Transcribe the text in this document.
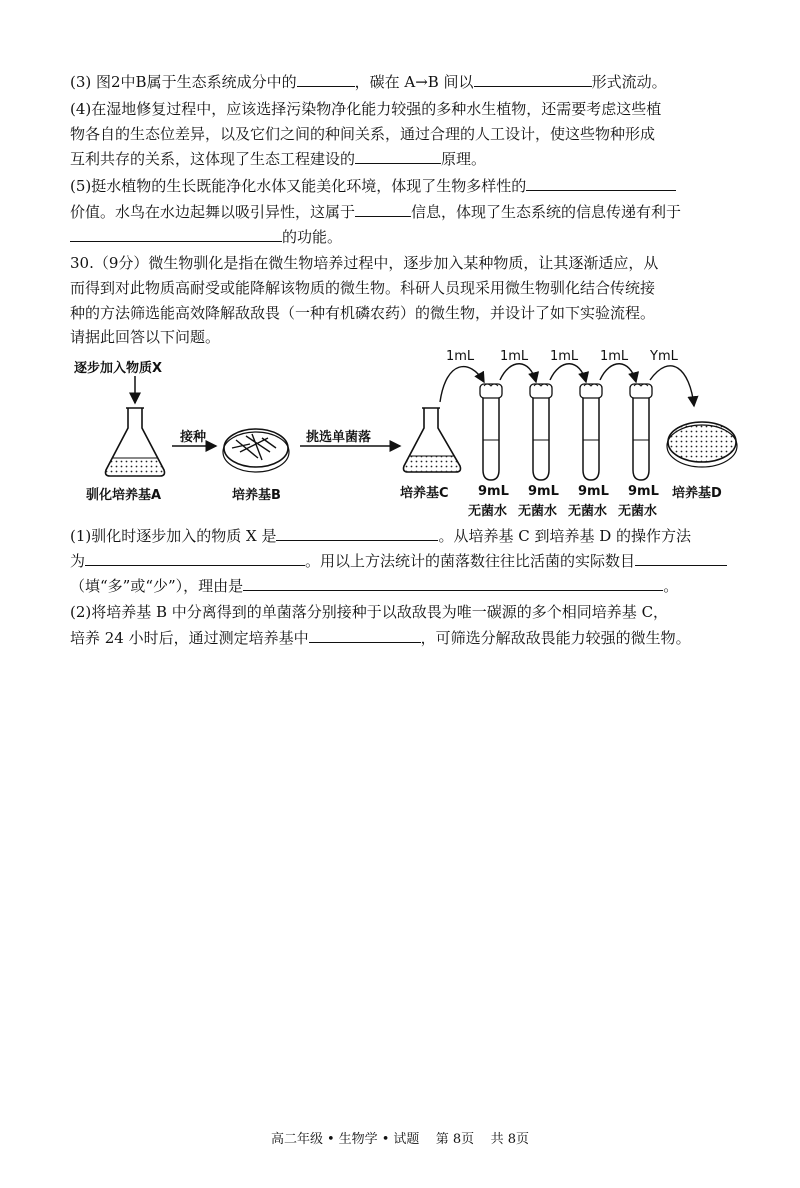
(3) 图2中B属于生态系统成分中的	，碳在 A→B 间以	形式流动。
(4)在湿地修复过程中，应该选择污染物净化能力较强的多种水生植物，还需要考虑这些植
物各自的生态位差异，以及它们之间的种间关系，通过合理的人工设计，使这些物种形成
互利共存的关系，这体现了生态工程建设的	原理。
(5)挺水植物的生长既能净化水体又能美化环境，体现了生物多样性的
价值。水鸟在水边起舞以吸引异性，这属于	信息，体现了生态系统的信息传递有利于
的功能。
30.（9分）微生物驯化是指在微生物培养过程中，逐步加入某种物质，让其逐渐适应，从
而得到对此物质高耐受或能降解该物质的微生物。科研人员现采用微生物驯化结合传统接
种的方法筛选能高效降解敌敌畏（一种有机磷农药）的微生物，并设计了如下实验流程。
请据此回答以下问题。
逐步加入物质X
接种	挑选单菌落
驯化培养基A	培养基B	培养基C	培养基D
1mL 1mL 1mL 1mL YmL
9mL 9mL 9mL 9mL
无菌水 无菌水 无菌水 无菌水
(1)驯化时逐步加入的物质 X 是	。从培养基 C 到培养基 D 的操作方法
为	。用以上方法统计的菌落数往往比活菌的实际数目
（填“多”或“少”），理由是	。
(2)将培养基 B 中分离得到的单菌落分别接种于以敌敌畏为唯一碳源的多个相同培养基 C，
培养 24 小时后，通过测定培养基中	，可筛选分解敌敌畏能力较强的微生物。
高二年级 • 生物学 • 试题 第 8页 共 8页
